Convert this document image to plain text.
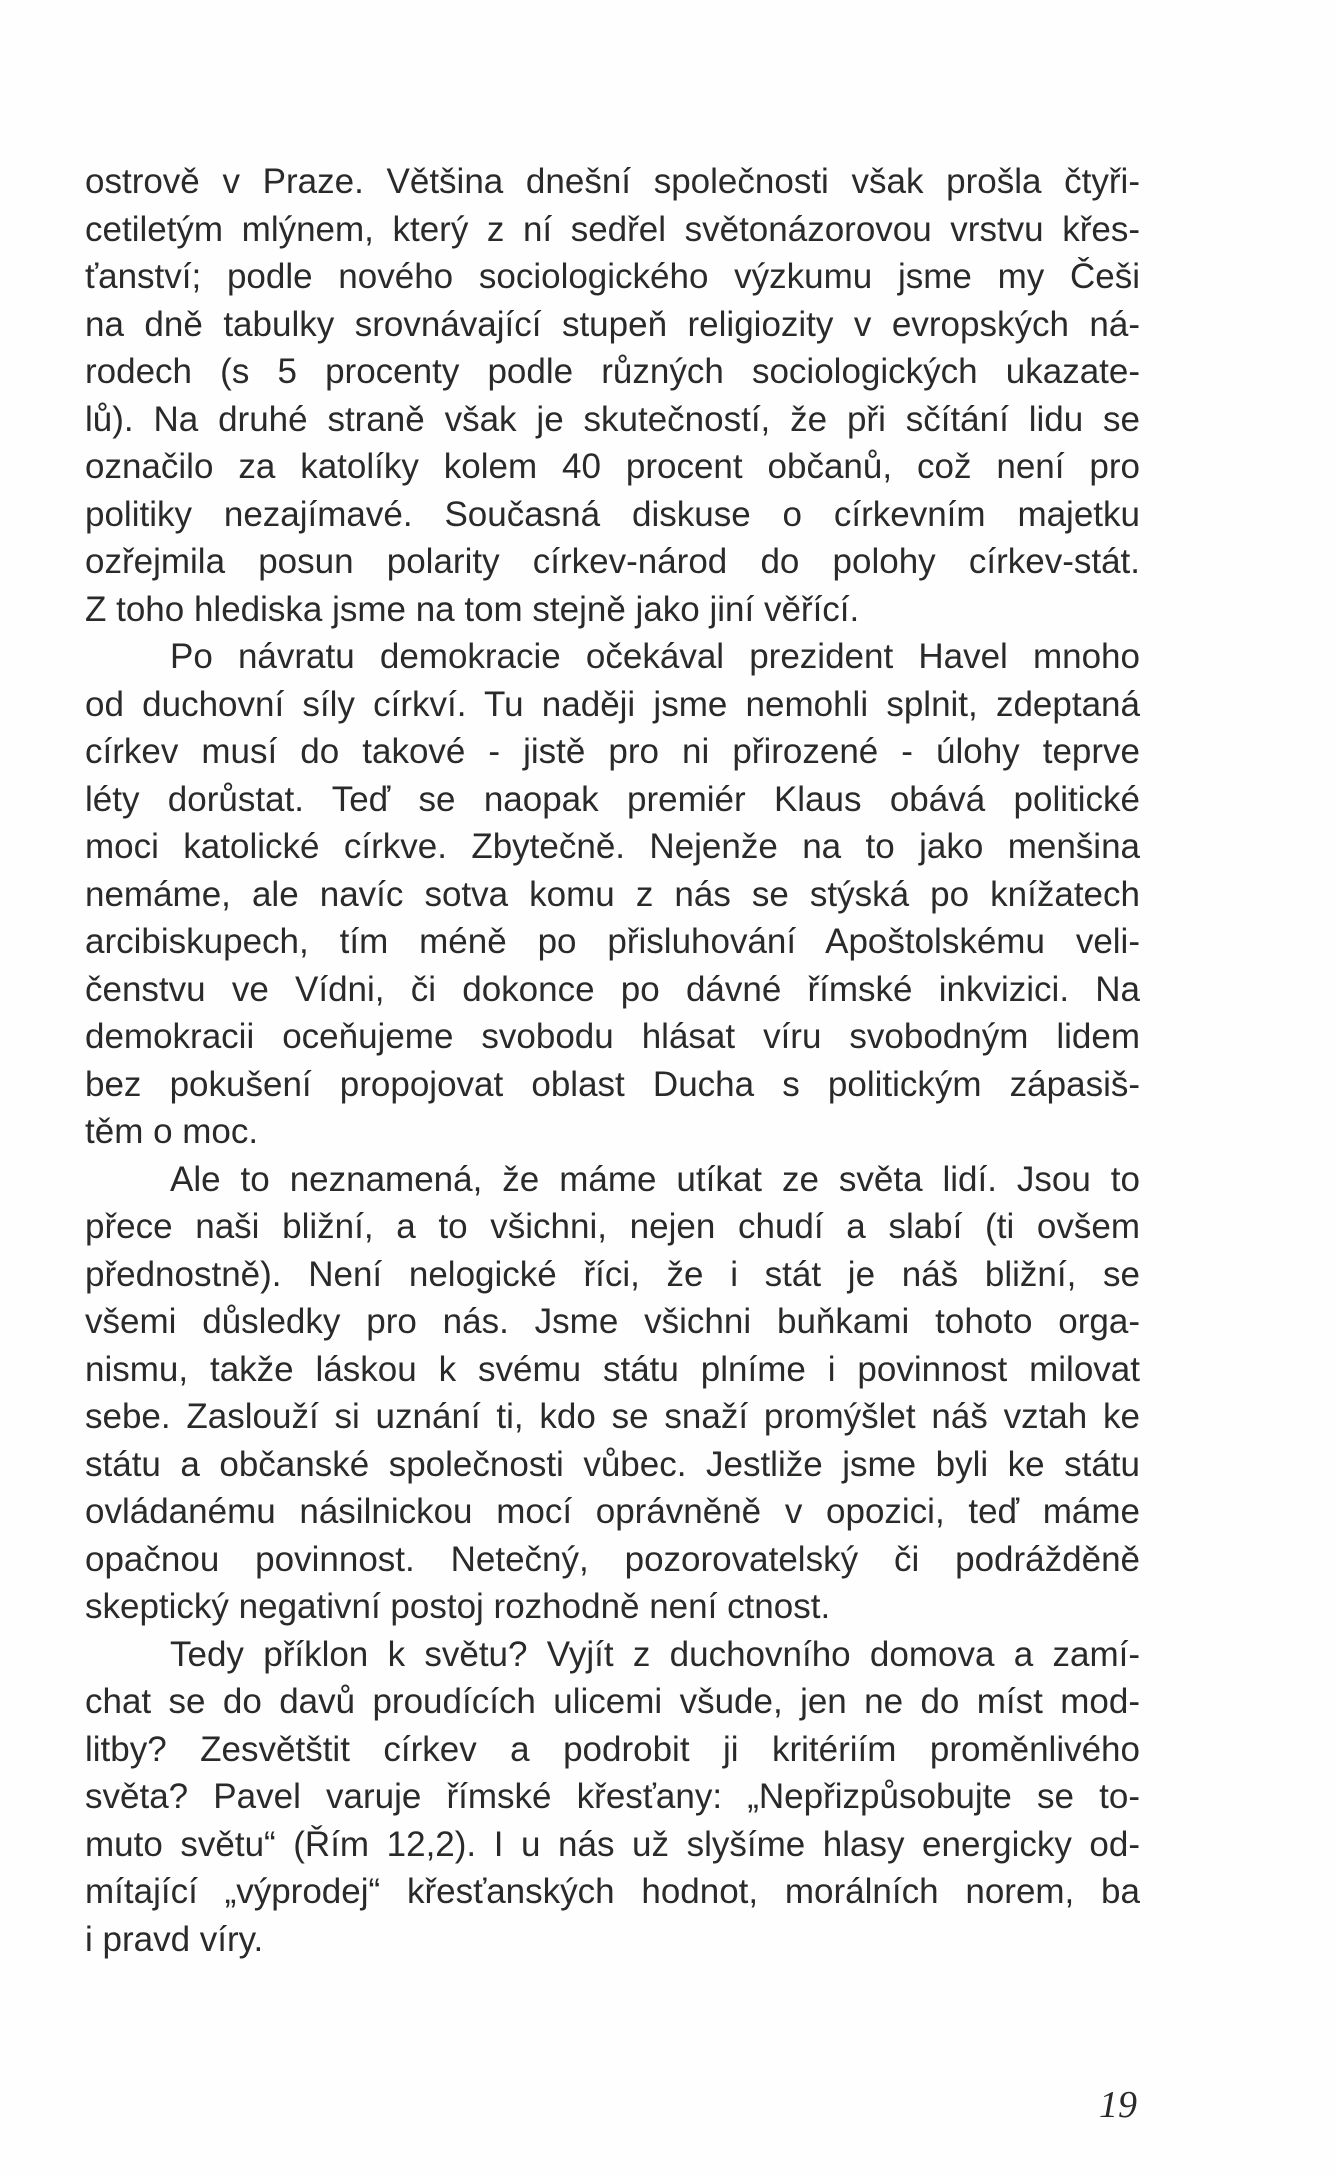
ostrově v Praze. Většina dnešní společnosti však prošla čtyři-
cetiletým mlýnem, který z ní sedřel světonázorovou vrstvu křes-
ťanství; podle nového sociologického výzkumu jsme my Češi
na dně tabulky srovnávající stupeň religiozity v evropských ná-
rodech (s 5 procenty podle různých sociologických ukazate-
lů). Na druhé straně však je skutečností, že při sčítání lidu se
označilo za katolíky kolem 40 procent občanů, což není pro
politiky nezajímavé. Současná diskuse o církevním majetku
ozřejmila posun polarity církev-národ do polohy církev-stát.
Z toho hlediska jsme na tom stejně jako jiní věřící.
Po návratu demokracie očekával prezident Havel mnoho
od duchovní síly církví. Tu naději jsme nemohli splnit, zdeptaná
církev musí do takové - jistě pro ni přirozené - úlohy teprve
léty dorůstat. Teď se naopak premiér Klaus obává politické
moci katolické církve. Zbytečně. Nejenže na to jako menšina
nemáme, ale navíc sotva komu z nás se stýská po knížatech
arcibiskupech, tím méně po přisluhování Apoštolskému veli-
čenstvu ve Vídni, či dokonce po dávné římské inkvizici. Na
demokracii oceňujeme svobodu hlásat víru svobodným lidem
bez pokušení propojovat oblast Ducha s politickým zápasiš-
těm o moc.
Ale to neznamená, že máme utíkat ze světa lidí. Jsou to
přece naši bližní, a to všichni, nejen chudí a slabí (ti ovšem
přednostně). Není nelogické říci, že i stát je náš bližní, se
všemi důsledky pro nás. Jsme všichni buňkami tohoto orga-
nismu, takže láskou k svému státu plníme i povinnost milovat
sebe. Zaslouží si uznání ti, kdo se snaží promýšlet náš vztah ke
státu a občanské společnosti vůbec. Jestliže jsme byli ke státu
ovládanému násilnickou mocí oprávněně v opozici, teď máme
opačnou povinnost. Netečný, pozorovatelský či podrážděně
skeptický negativní postoj rozhodně není ctnost.
Tedy příklon k světu? Vyjít z duchovního domova a zamí-
chat se do davů proudících ulicemi všude, jen ne do míst mod-
litby? Zesvětštit církev a podrobit ji kritériím proměnlivého
světa? Pavel varuje římské křesťany: „Nepřizpůsobujte se to-
muto světu“ (Řím 12,2). I u nás už slyšíme hlasy energicky od-
mítající „výprodej“ křesťanských hodnot, morálních norem, ba
i pravd víry.
19
